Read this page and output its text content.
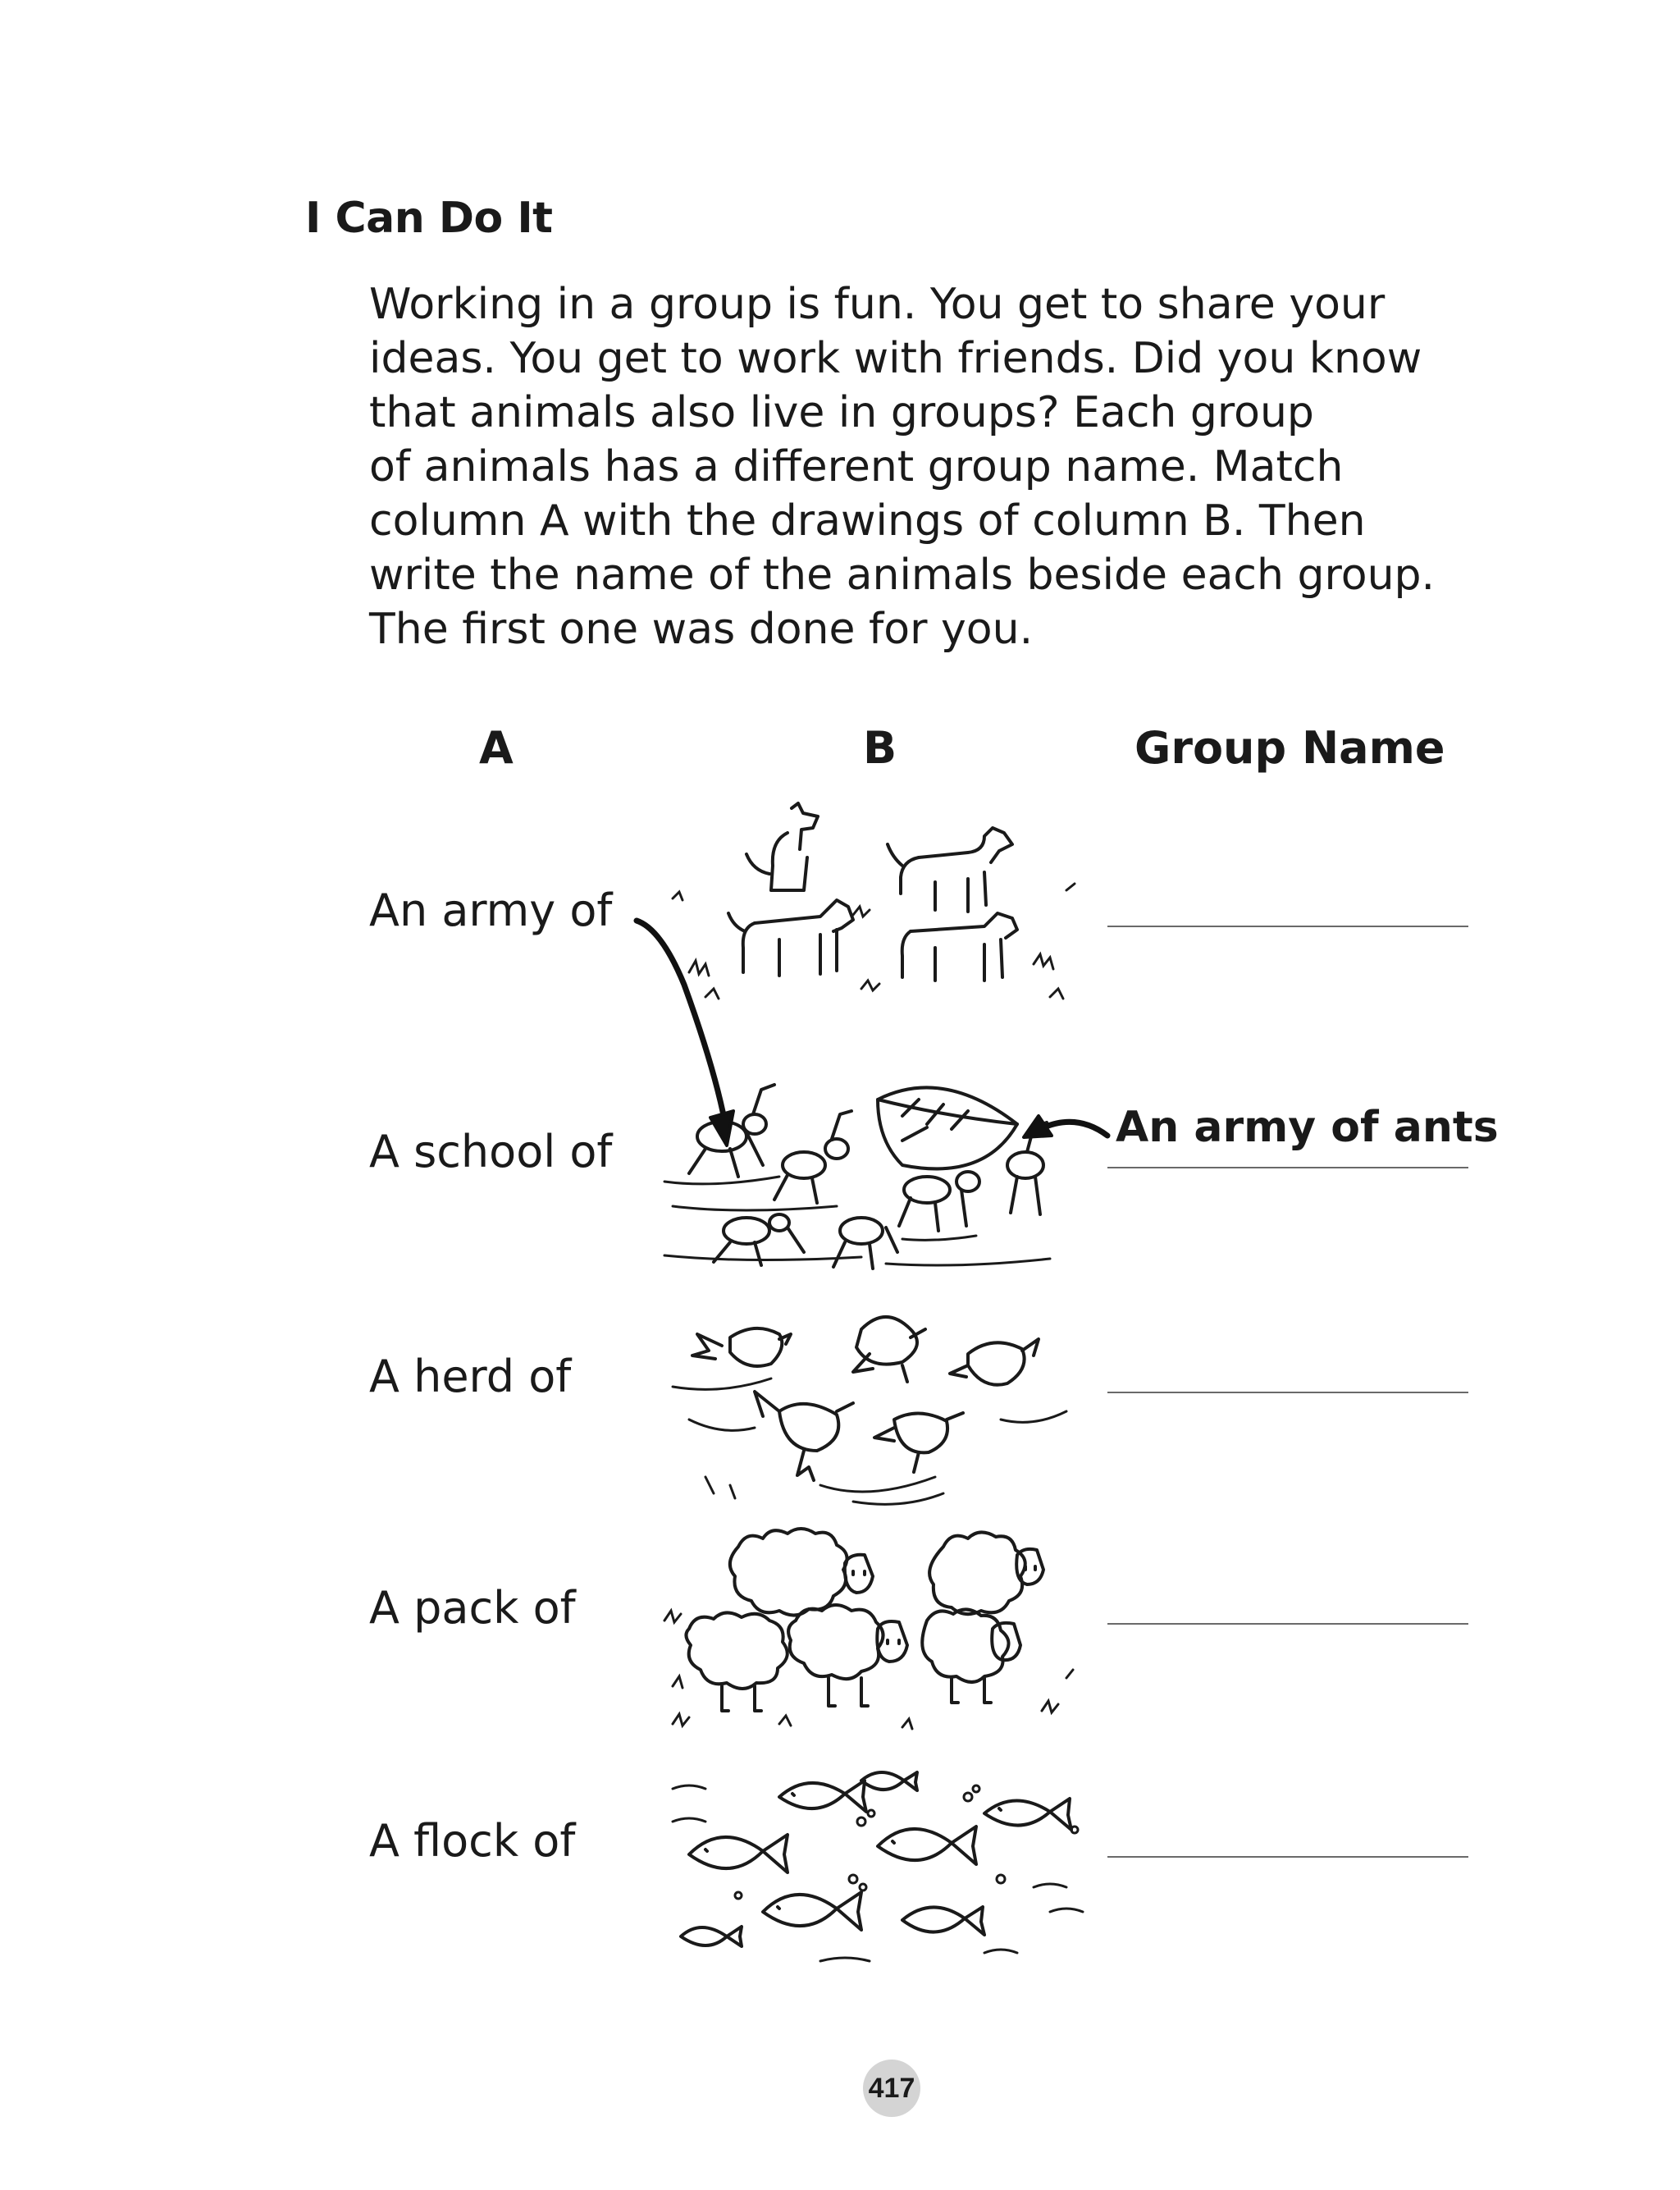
I Can Do It
Working in a group is fun. You get to share your
ideas. You get to work with friends. Did you know
that animals also live in groups? Each group
of animals has a different group name. Match
column A with the drawings of column B. Then
write the name of the animals beside each group.
The first one was done for you.
A	B	Group Name
An army of
A school of
A herd of
A pack of
A flock of
An army of ants
417
